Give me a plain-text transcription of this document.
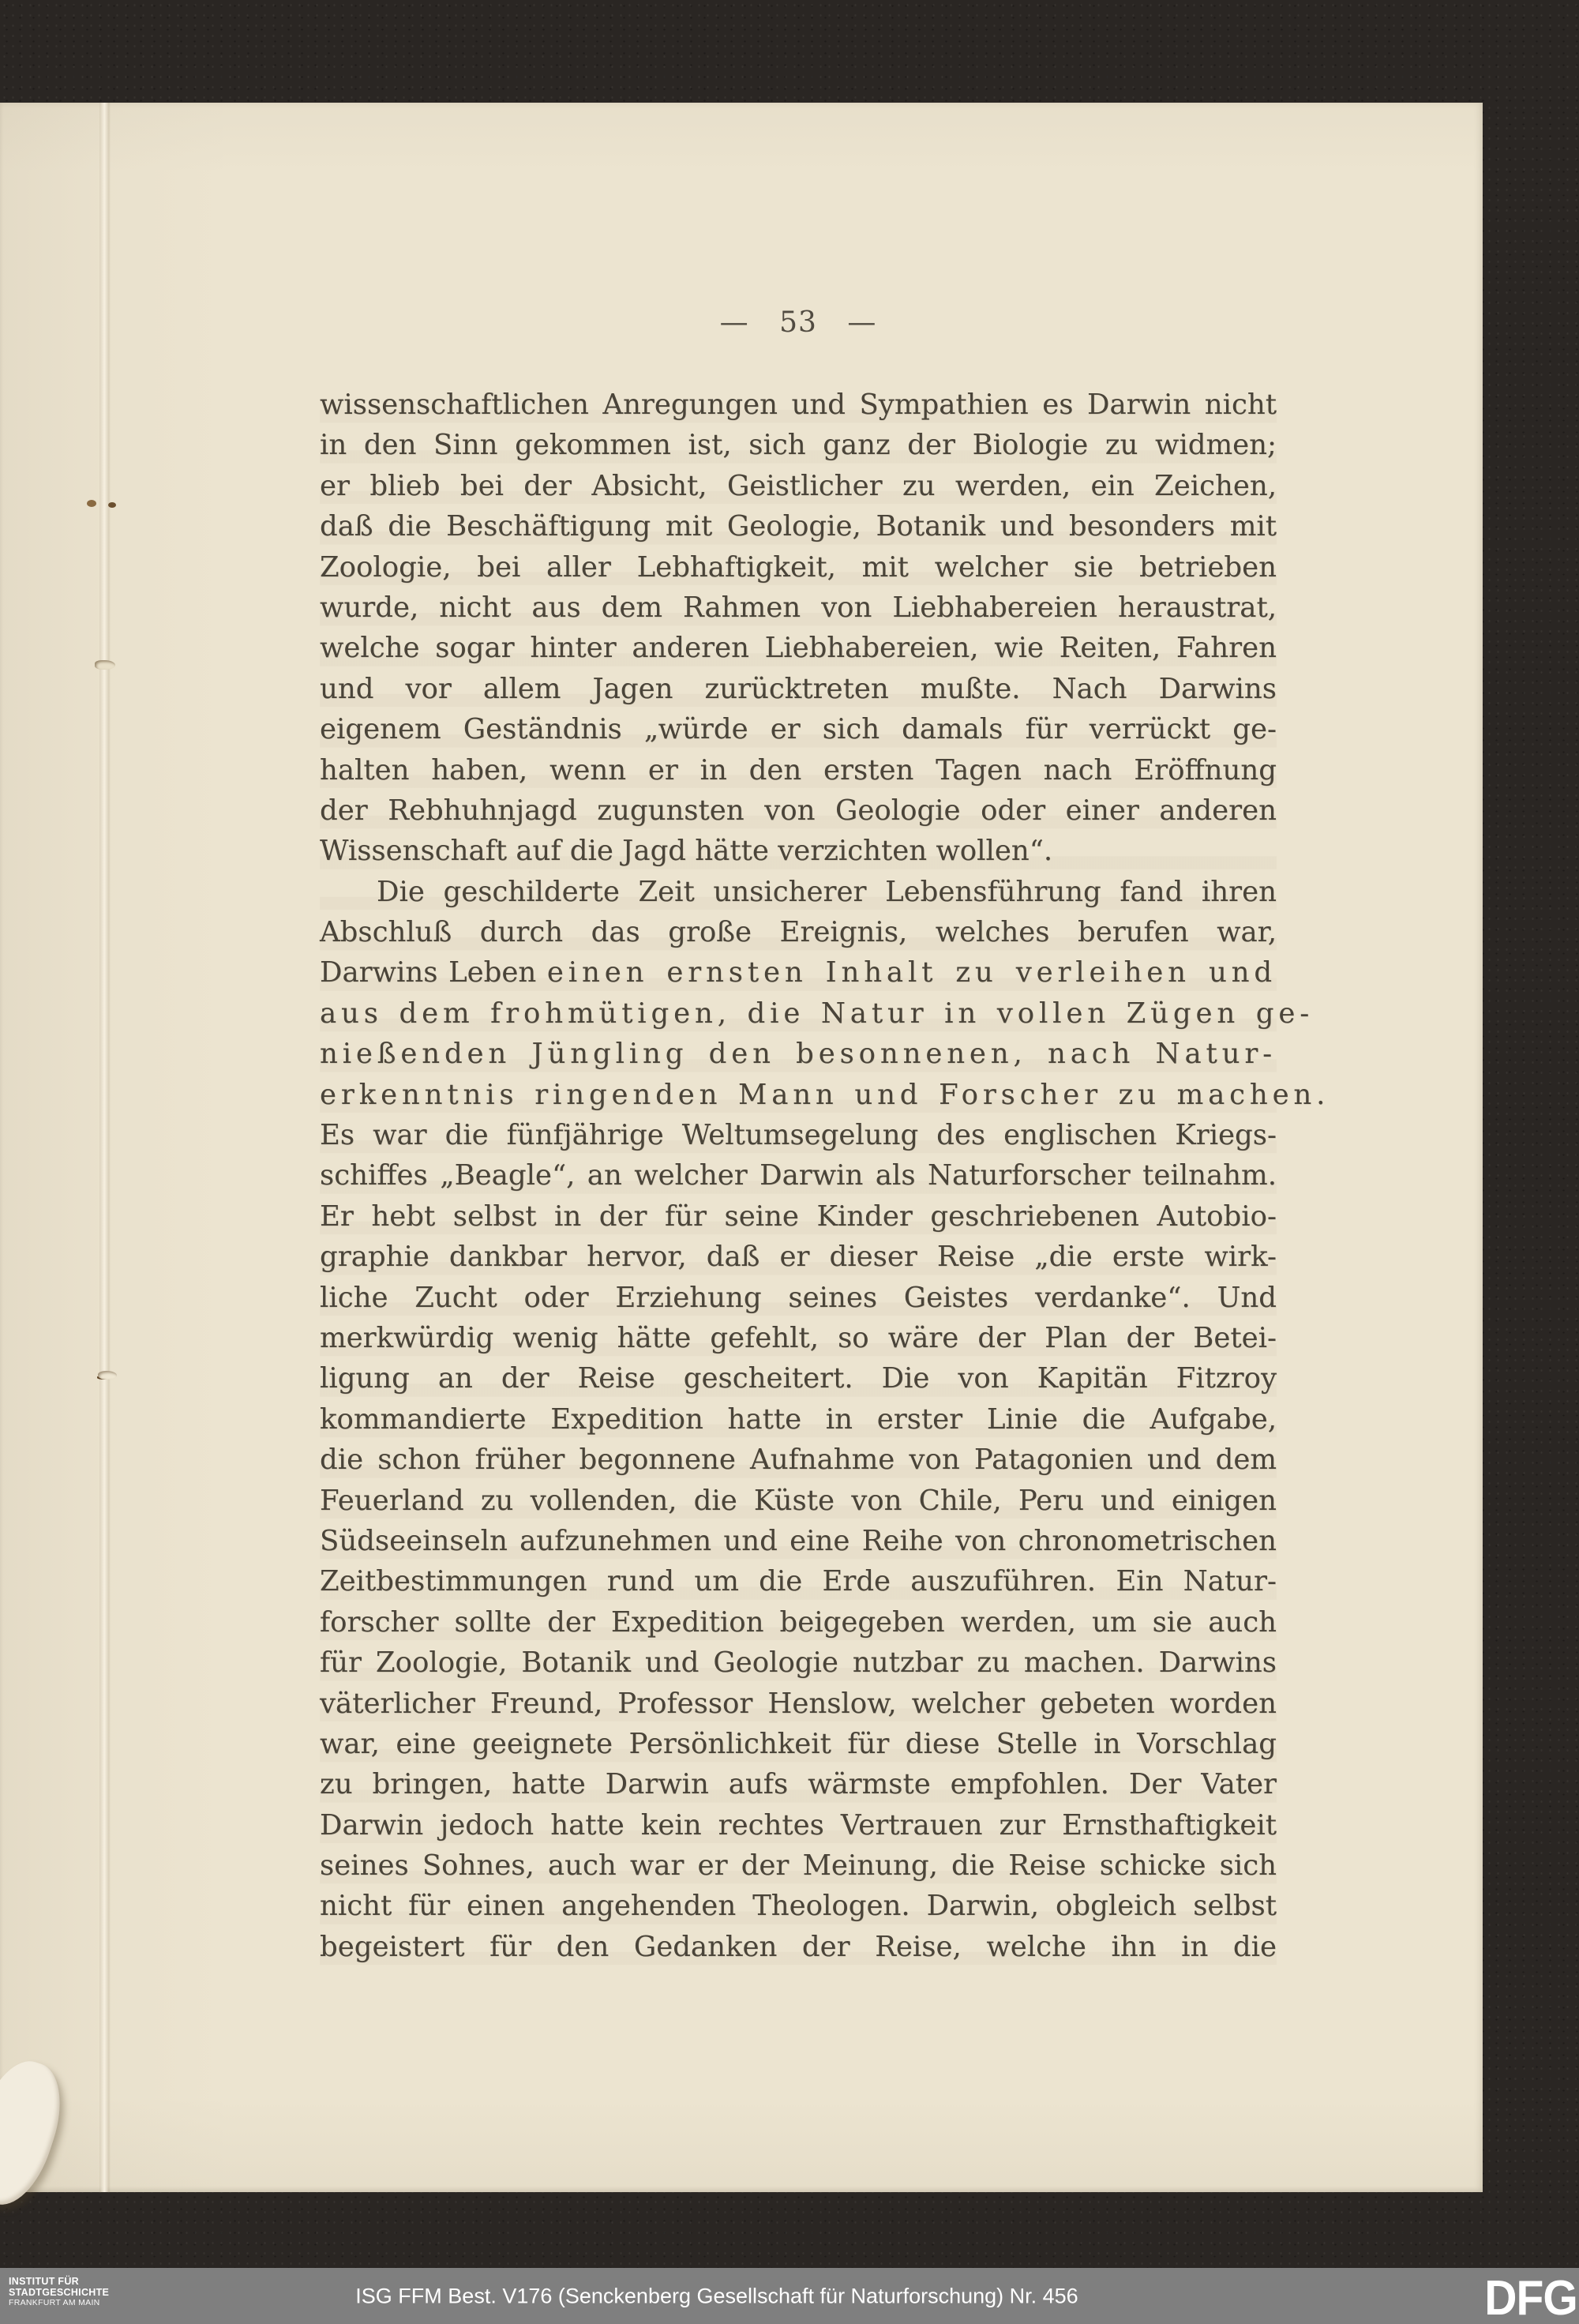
— 53 —
wissenschaftlichen Anregungen und Sympathien es Darwin nicht
in den Sinn gekommen ist, sich ganz der Biologie zu widmen;
er blieb bei der Absicht, Geistlicher zu werden, ein Zeichen,
daß die Beschäftigung mit Geologie, Botanik und besonders mit
Zoologie, bei aller Lebhaftigkeit, mit welcher sie betrieben
wurde, nicht aus dem Rahmen von Liebhabereien heraustrat,
welche sogar hinter anderen Liebhabereien, wie Reiten, Fahren
und vor allem Jagen zurücktreten mußte. Nach Darwins
eigenem Geständnis „würde er sich damals für verrückt ge-
halten haben, wenn er in den ersten Tagen nach Eröffnung
der Rebhuhnjagd zugunsten von Geologie oder einer anderen
Wissenschaft auf die Jagd hätte verzichten wollen“.
Die geschilderte Zeit unsicherer Lebensführung fand ihren
Abschluß durch das große Ereignis, welches berufen war,
Darwins Leben einen ernsten Inhalt zu verleihen und
aus dem frohmütigen, die Natur in vollen Zügen ge-
nießenden Jüngling den besonnenen, nach Natur-
erkenntnis ringenden Mann und Forscher zu machen.
Es war die fünfjährige Weltumsegelung des englischen Kriegs-
schiffes „Beagle“, an welcher Darwin als Naturforscher teilnahm.
Er hebt selbst in der für seine Kinder geschriebenen Autobio-
graphie dankbar hervor, daß er dieser Reise „die erste wirk-
liche Zucht oder Erziehung seines Geistes verdanke“. Und
merkwürdig wenig hätte gefehlt, so wäre der Plan der Betei-
ligung an der Reise gescheitert. Die von Kapitän Fitzroy
kommandierte Expedition hatte in erster Linie die Aufgabe,
die schon früher begonnene Aufnahme von Patagonien und dem
Feuerland zu vollenden, die Küste von Chile, Peru und einigen
Südseeinseln aufzunehmen und eine Reihe von chronometrischen
Zeitbestimmungen rund um die Erde auszuführen. Ein Natur-
forscher sollte der Expedition beigegeben werden, um sie auch
für Zoologie, Botanik und Geologie nutzbar zu machen. Darwins
väterlicher Freund, Professor Henslow, welcher gebeten worden
war, eine geeignete Persönlichkeit für diese Stelle in Vorschlag
zu bringen, hatte Darwin aufs wärmste empfohlen. Der Vater
Darwin jedoch hatte kein rechtes Vertrauen zur Ernsthaftigkeit
seines Sohnes, auch war er der Meinung, die Reise schicke sich
nicht für einen angehenden Theologen. Darwin, obgleich selbst
begeistert für den Gedanken der Reise, welche ihn in die
INSTITUT FÜR
STADTGESCHICHTE
FRANKFURT AM MAIN	ISG FFM Best. V176 (Senckenberg Gesellschaft für Naturforschung) Nr. 456	DFG
